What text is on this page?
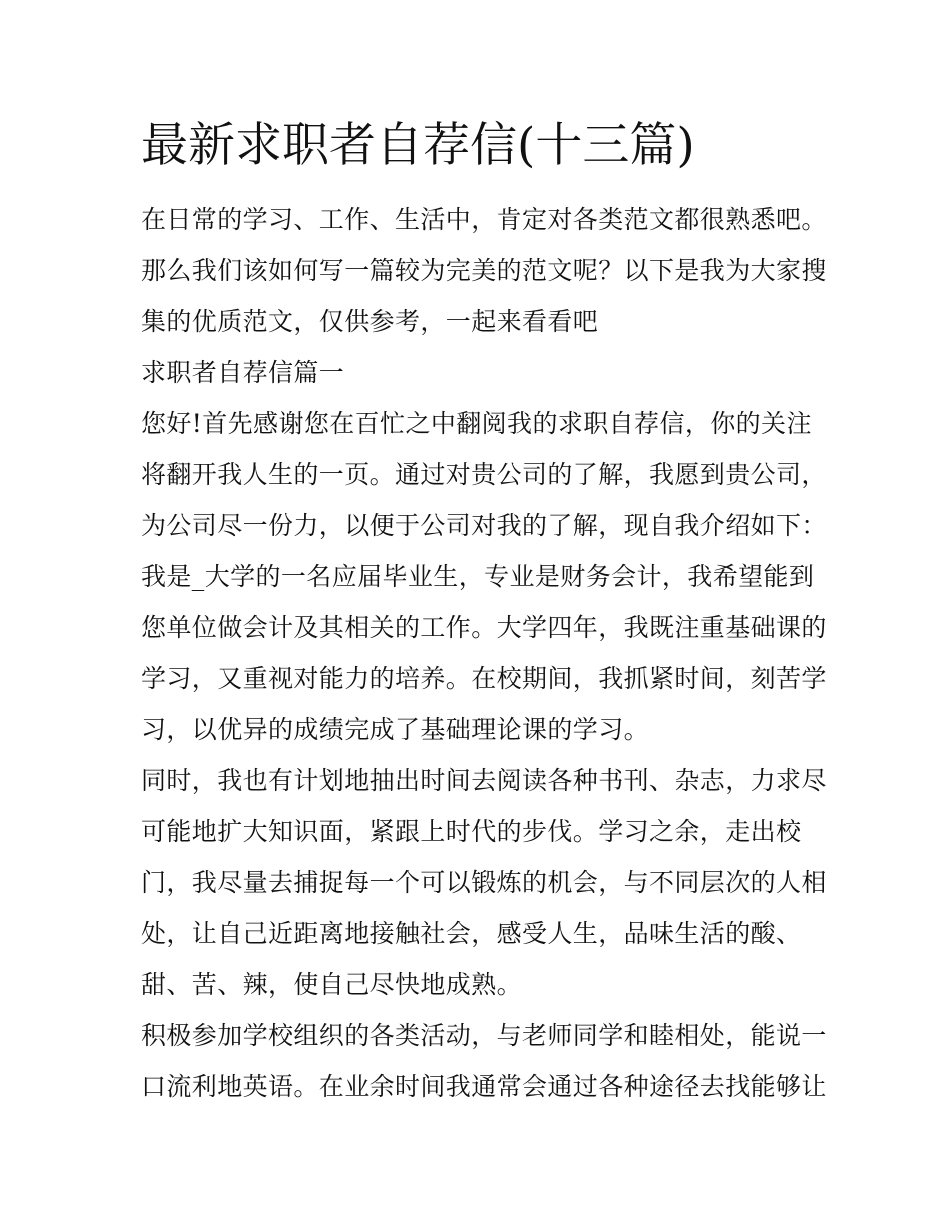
最新求职者自荐信(十三篇)

在日常的学习、工作、生活中，肯定对各类范文都很熟悉吧。

那么我们该如何写一篇较为完美的范文呢？以下是我为大家搜

集的优质范文，仅供参考，一起来看看吧

求职者自荐信篇一

您好!首先感谢您在百忙之中翻阅我的求职自荐信，你的关注

将翻开我人生的一页。通过对贵公司的了解，我愿到贵公司，

为公司尽一份力，以便于公司对我的了解，现自我介绍如下：

我是_大学的一名应届毕业生，专业是财务会计，我希望能到

您单位做会计及其相关的工作。大学四年，我既注重基础课的

学习，又重视对能力的培养。在校期间，我抓紧时间，刻苦学

习，以优异的成绩完成了基础理论课的学习。

同时，我也有计划地抽出时间去阅读各种书刊、杂志，力求尽

可能地扩大知识面，紧跟上时代的步伐。学习之余，走出校

门，我尽量去捕捉每一个可以锻炼的机会，与不同层次的人相

处，让自己近距离地接触社会，感受人生，品味生活的酸、

甜、苦、辣，使自己尽快地成熟。

积极参加学校组织的各类活动，与老师同学和睦相处，能说一

口流利地英语。在业余时间我通常会通过各种途径去找能够让
